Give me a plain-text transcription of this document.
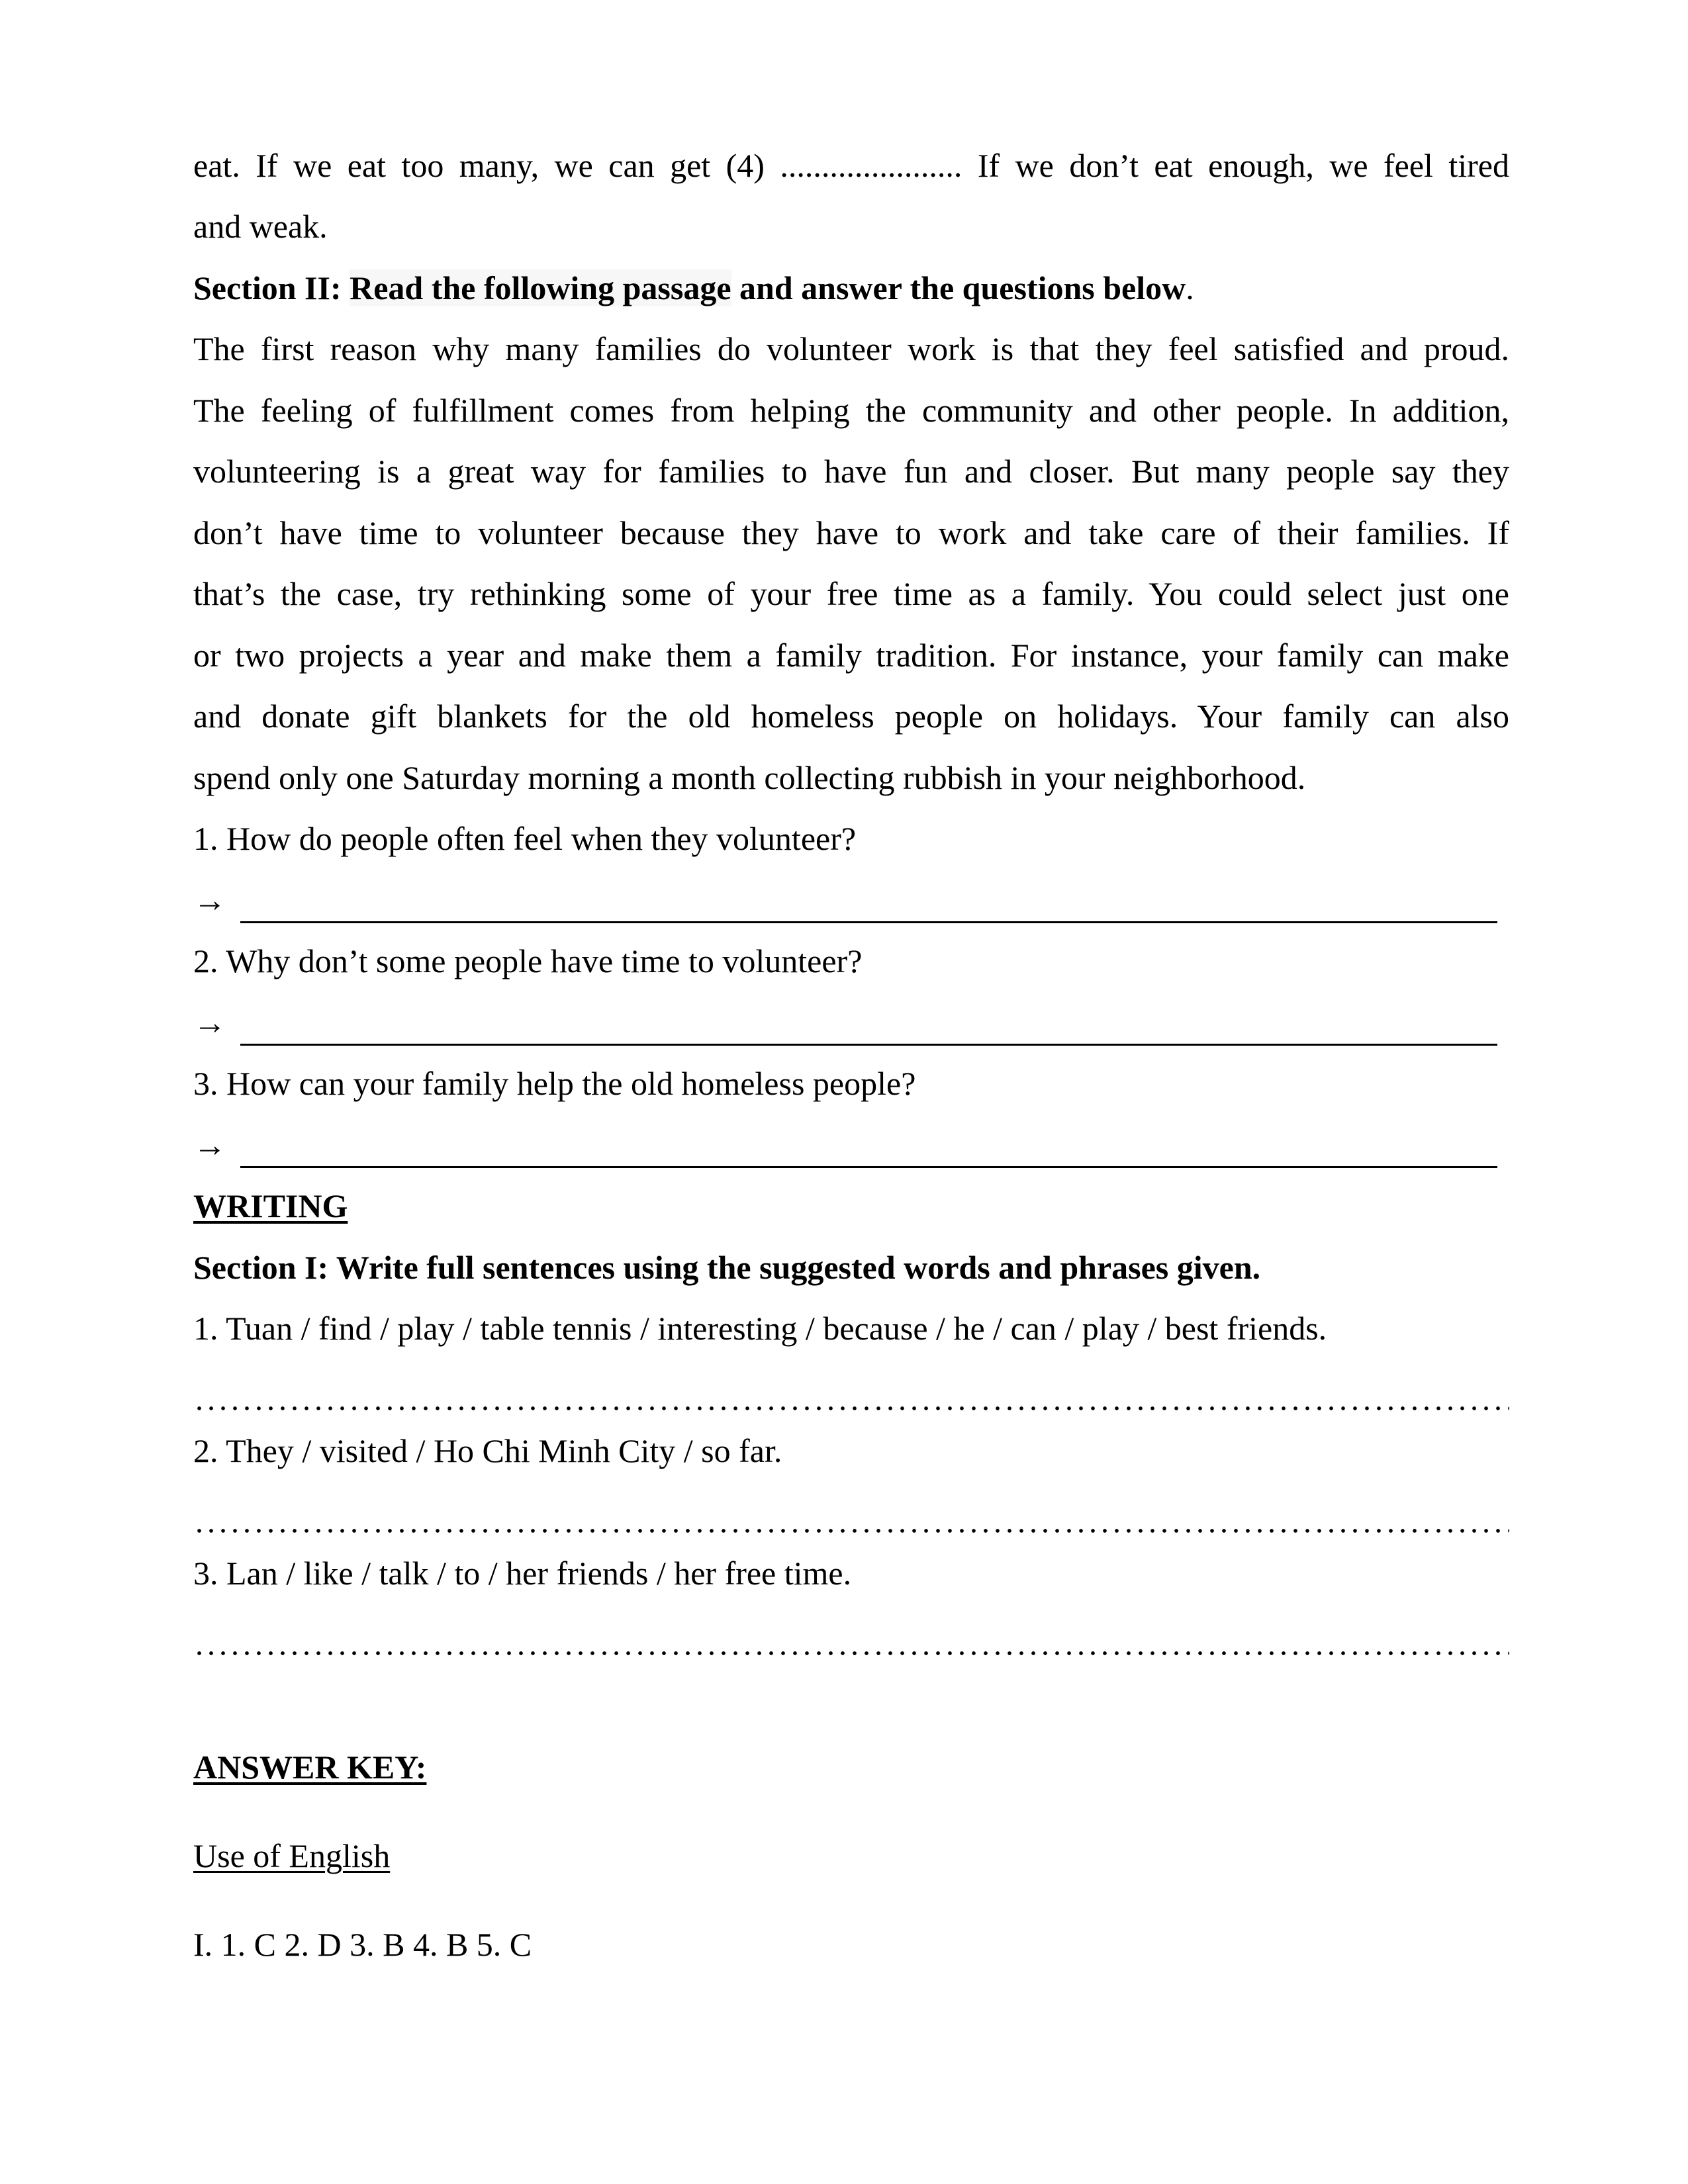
eat. If we eat too many, we can get (4) ...................... If we don’t eat enough, we feel tired
and weak.
Section II: Read the following passage and answer the questions below.
The first reason why many families do volunteer work is that they feel satisfied and proud.
The feeling of fulfillment comes from helping the community and other people. In addition,
volunteering is a great way for families to have fun and closer. But many people say they
don’t have time to volunteer because they have to work and take care of their families. If
that’s the case, try rethinking some of your free time as a family. You could select just one
or two projects a year and make them a family tradition. For instance, your family can make
and donate gift blankets for the old homeless people on holidays. Your family can also
spend only one Saturday morning a month collecting rubbish in your neighborhood.
1. How do people often feel when they volunteer?
→
2. Why don’t some people have time to volunteer?
→
3. How can your family help the old homeless people?
→
WRITING
Section I: Write full sentences using the suggested words and phrases given.
1. Tuan / find / play / table tennis / interesting / because / he / can / play / best friends.
2. They / visited / Ho Chi Minh City / so far.
3. Lan / like / talk / to / her friends / her free time.
ANSWER KEY:
Use of English
I. 1. C 2. D 3. B 4. B 5. C
